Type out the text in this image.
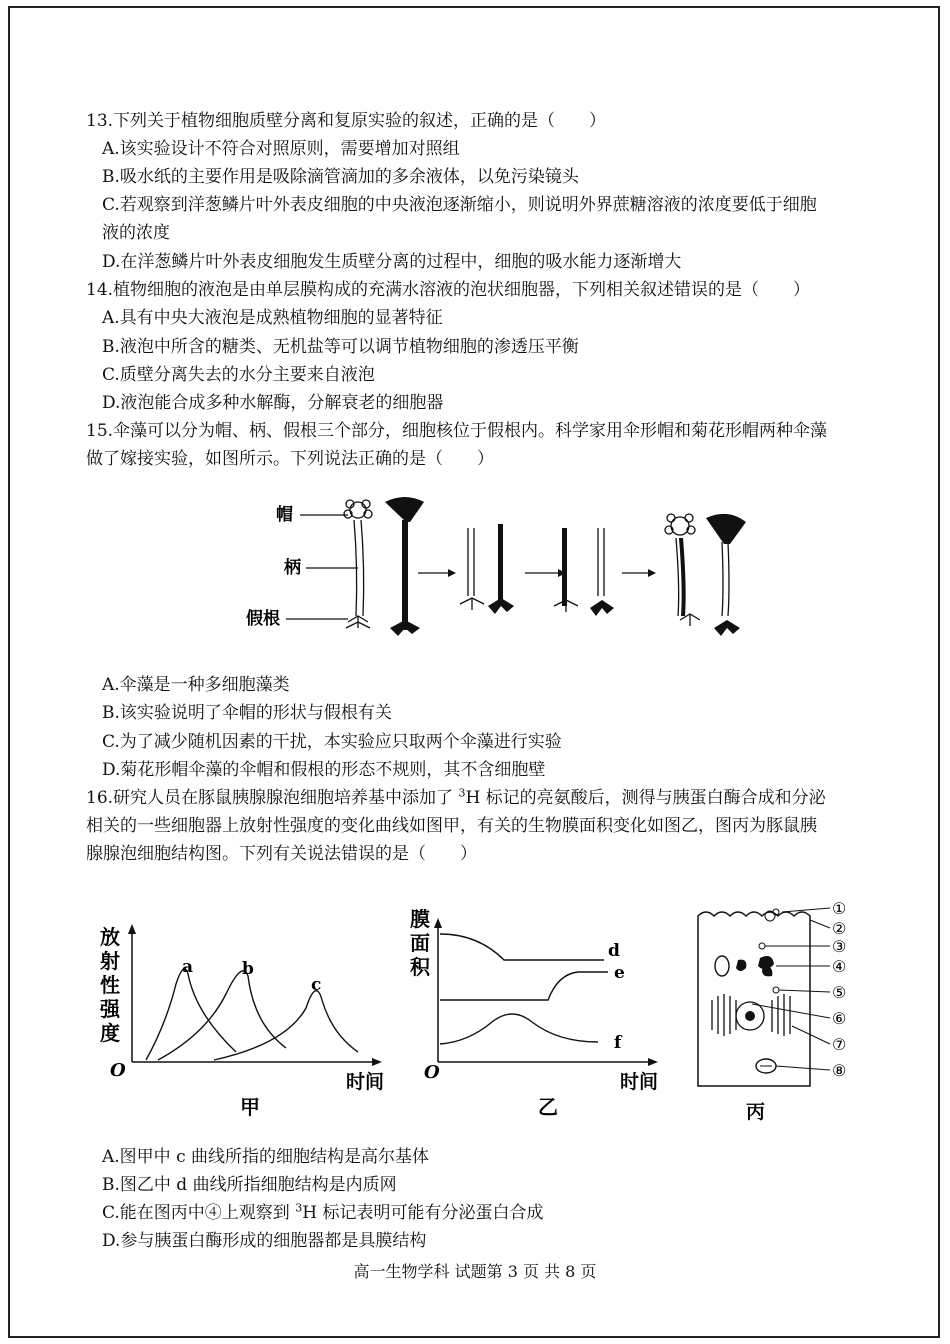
13.下列关于植物细胞质壁分离和复原实验的叙述，正确的是（　　）
A.该实验设计不符合对照原则，需要增加对照组
B.吸水纸的主要作用是吸除滴管滴加的多余液体，以免污染镜头
C.若观察到洋葱鳞片叶外表皮细胞的中央液泡逐渐缩小，则说明外界蔗糖溶液的浓度要低于细胞
液的浓度
D.在洋葱鳞片叶外表皮细胞发生质壁分离的过程中，细胞的吸水能力逐渐增大
14.植物细胞的液泡是由单层膜构成的充满水溶液的泡状细胞器，下列相关叙述错误的是（　　）
A.具有中央大液泡是成熟植物细胞的显著特征
B.液泡中所含的糖类、无机盐等可以调节植物细胞的渗透压平衡
C.质壁分离失去的水分主要来自液泡
D.液泡能合成多种水解酶，分解衰老的细胞器
15.伞藻可以分为帽、柄、假根三个部分，细胞核位于假根内。科学家用伞形帽和菊花形帽两种伞藻
做了嫁接实验，如图所示。下列说法正确的是（　　）
帽
柄
假根
A.伞藻是一种多细胞藻类
B.该实验说明了伞帽的形状与假根有关
C.为了减少随机因素的干扰，本实验应只取两个伞藻进行实验
D.菊花形帽伞藻的伞帽和假根的形态不规则，其不含细胞壁
16.研究人员在豚鼠胰腺腺泡细胞培养基中添加了 $^3$H 标记的亮氨酸后，测得与胰蛋白酶合成和分泌
相关的一些细胞器上放射性强度的变化曲线如图甲，有关的生物膜面积变化如图乙，图丙为豚鼠胰
腺腺泡细胞结构图。下列有关说法错误的是（　　）
放
射
性
强
度
O
时间
a	b
c
甲
膜
面
积
O	时间
d
e
f
乙
①
②
③
④
⑤
⑥
⑦
⑧
丙
A.图甲中 c 曲线所指的细胞结构是高尔基体
B.图乙中 d 曲线所指细胞结构是内质网
C.能在图丙中④上观察到 $^3$H 标记表明可能有分泌蛋白合成
D.参与胰蛋白酶形成的细胞器都是具膜结构
高一生物学科 试题第 3 页 共 8 页
